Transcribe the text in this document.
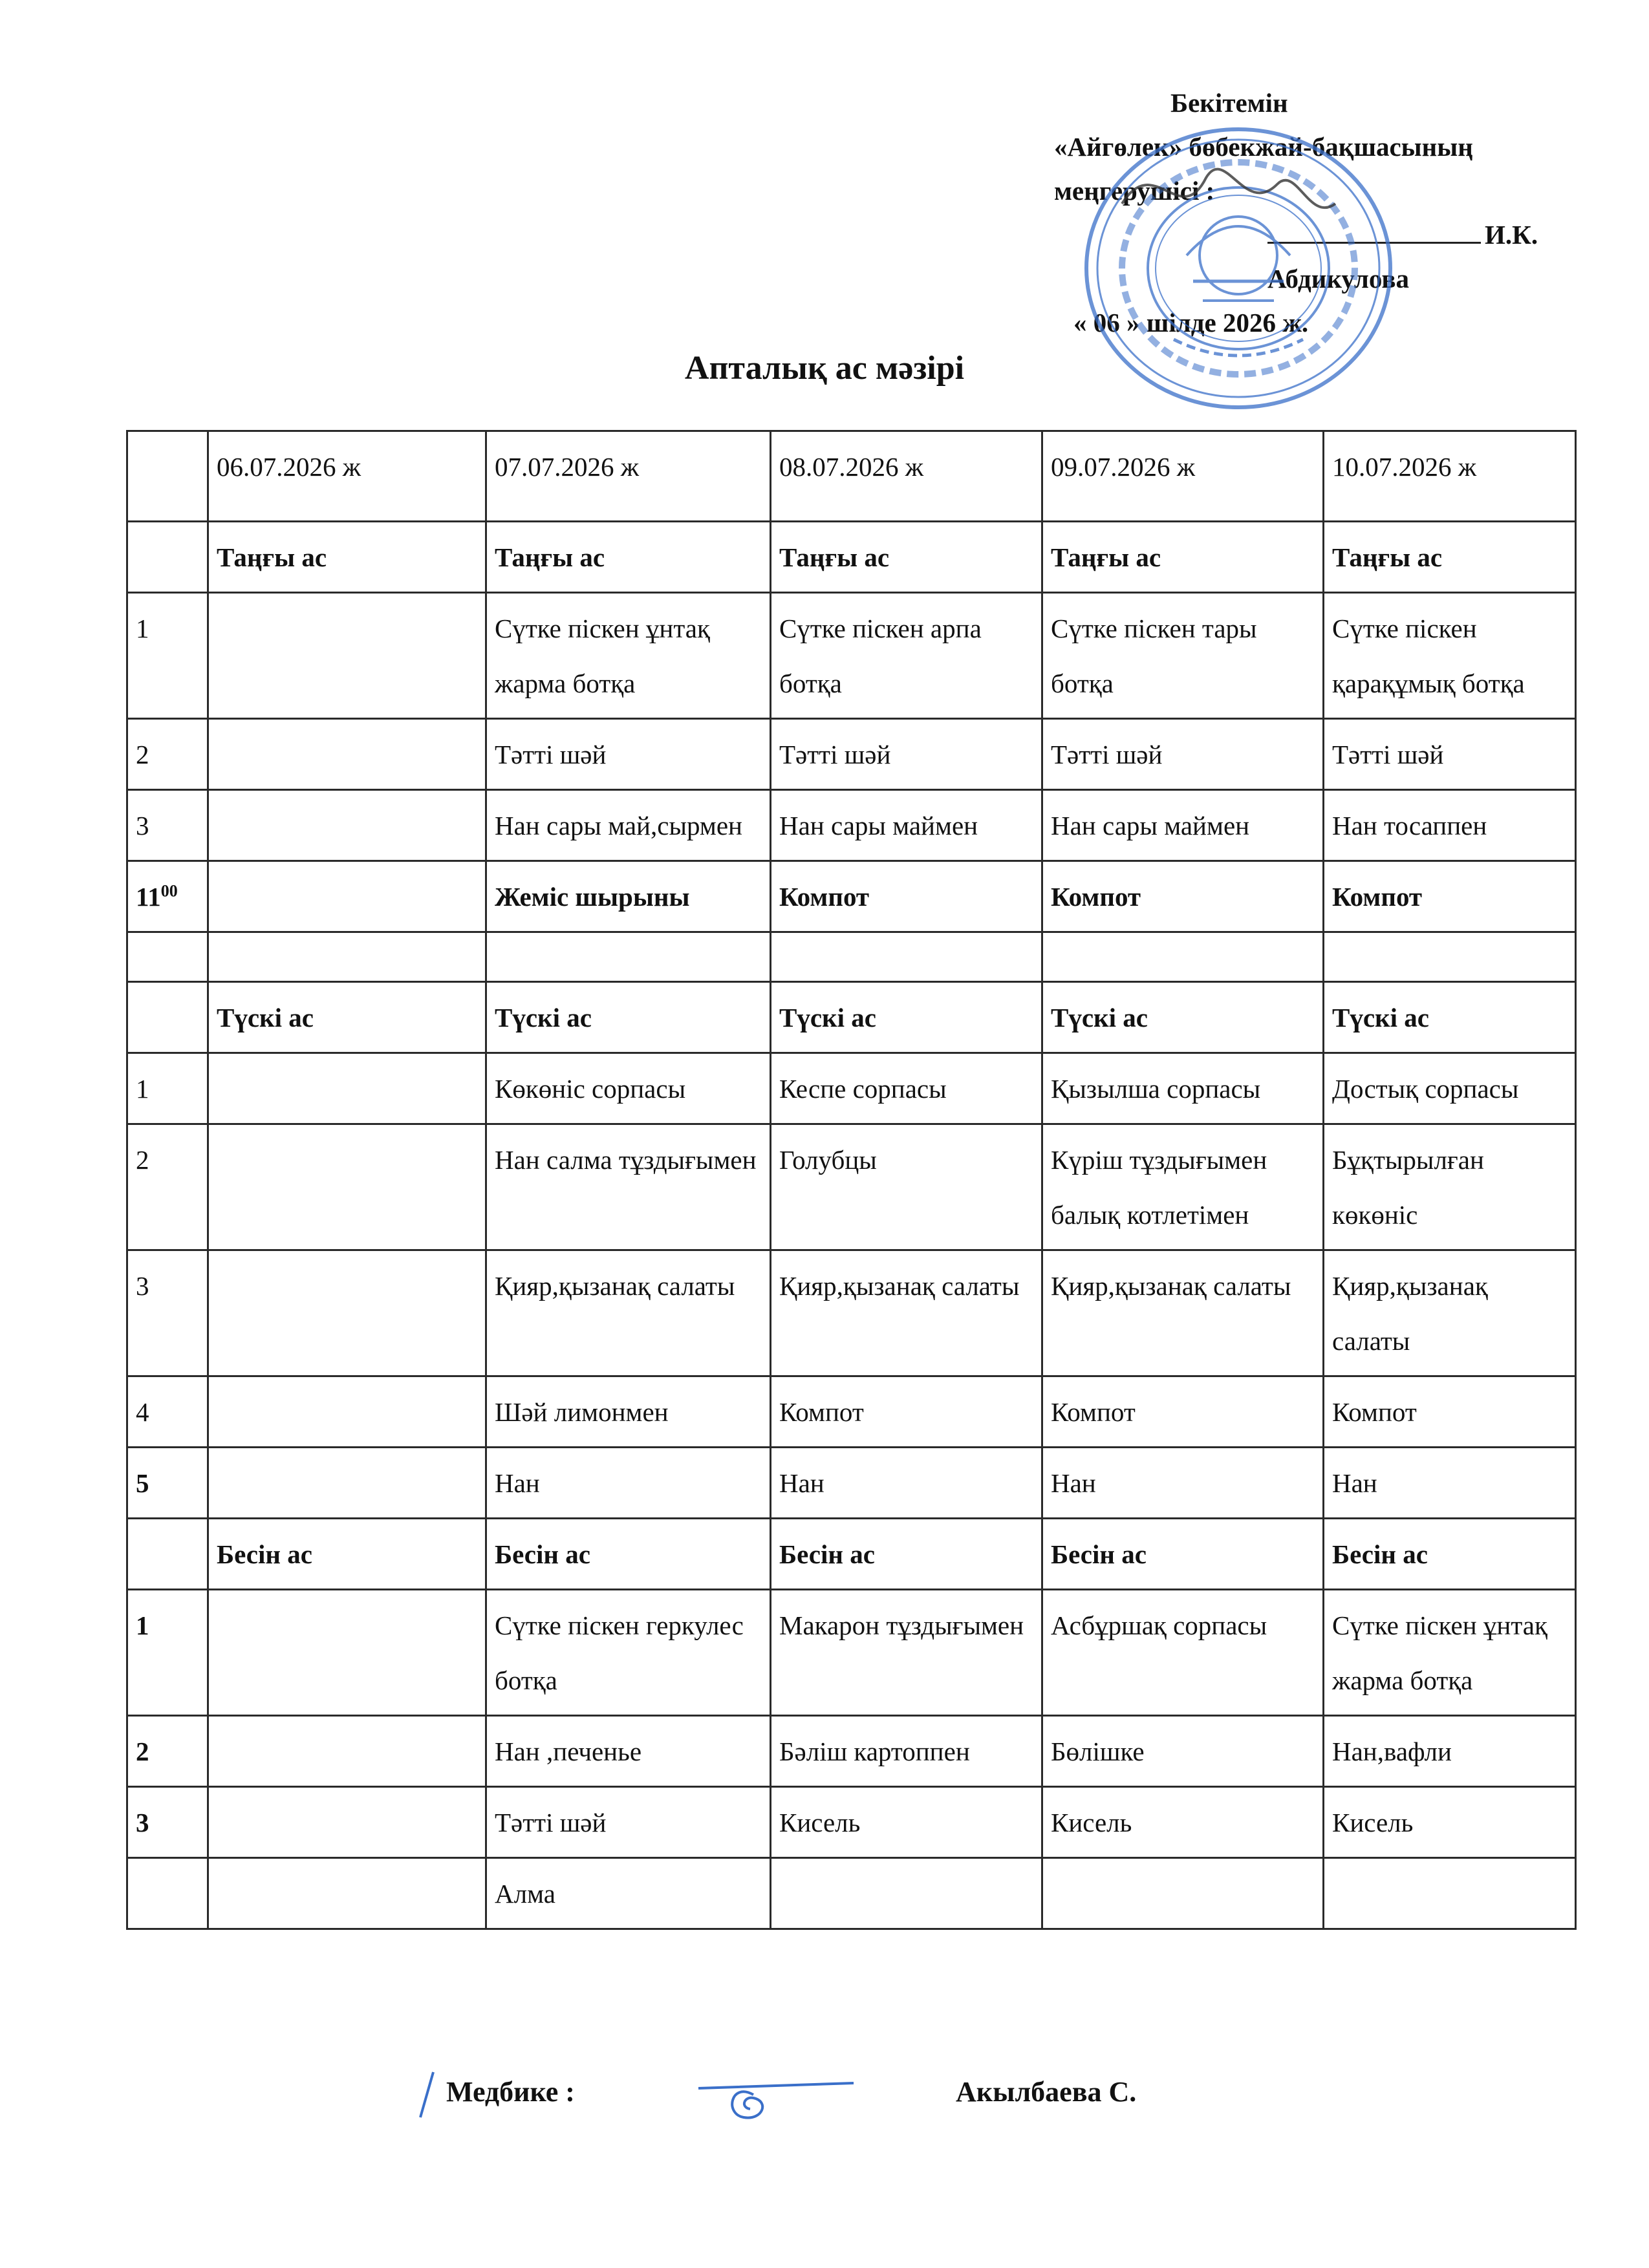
Бекітемін
«Айгөлек» бөбекжай-бақшасының
меңгерушісі :
И.К. Абдикулова
« 06 » шілде 2026 ж.
Апталық ас мәзірі
	06.07.2026 ж	07.07.2026 ж	08.07.2026 ж	09.07.2026 ж	10.07.2026 ж
	Таңғы ас	Таңғы ас	Таңғы ас	Таңғы ас	Таңғы ас
1		Сүтке піскен ұнтақ жарма ботқа	Сүтке піскен арпа ботқа	Сүтке піскен тары ботқа	Сүтке піскен қарақұмық ботқа
2		Тәтті шәй	Тәтті шәй	Тәтті шәй	Тәтті шәй
3		Нан сары май,сырмен	Нан сары маймен	Нан сары маймен	Нан тосаппен
$11^{00}$		Жеміс шырыны	Компот	Компот	Компот

	Түскі ас	Түскі ас	Түскі ас	Түскі ас	Түскі ас
1		Көкөніс сорпасы	Кеспе сорпасы	Қызылша сорпасы	Достық сорпасы
2		Нан салма тұздығымен	Голубцы	Күріш тұздығымен балық котлетімен	Бұқтырылған көкөніс
3		Қияр,қызанақ салаты	Қияр,қызанақ салаты	Қияр,қызанақ салаты	Қияр,қызанақ салаты
4		Шәй лимонмен	Компот	Компот	Компот
5		Нан	Нан	Нан	Нан
	Бесін ас	Бесін ас	Бесін ас	Бесін ас	Бесін ас
1		Сүтке піскен геркулес ботқа	Макарон тұздығымен	Асбұршақ сорпасы	Сүтке піскен ұнтақ жарма ботқа
2		Нан ,печенье	Бәліш картоппен	Бөлішке	Нан,вафли
3		Тәтті шәй	Кисель	Кисель	Кисель
		Алма			
Медбике :	Акылбаева С.
